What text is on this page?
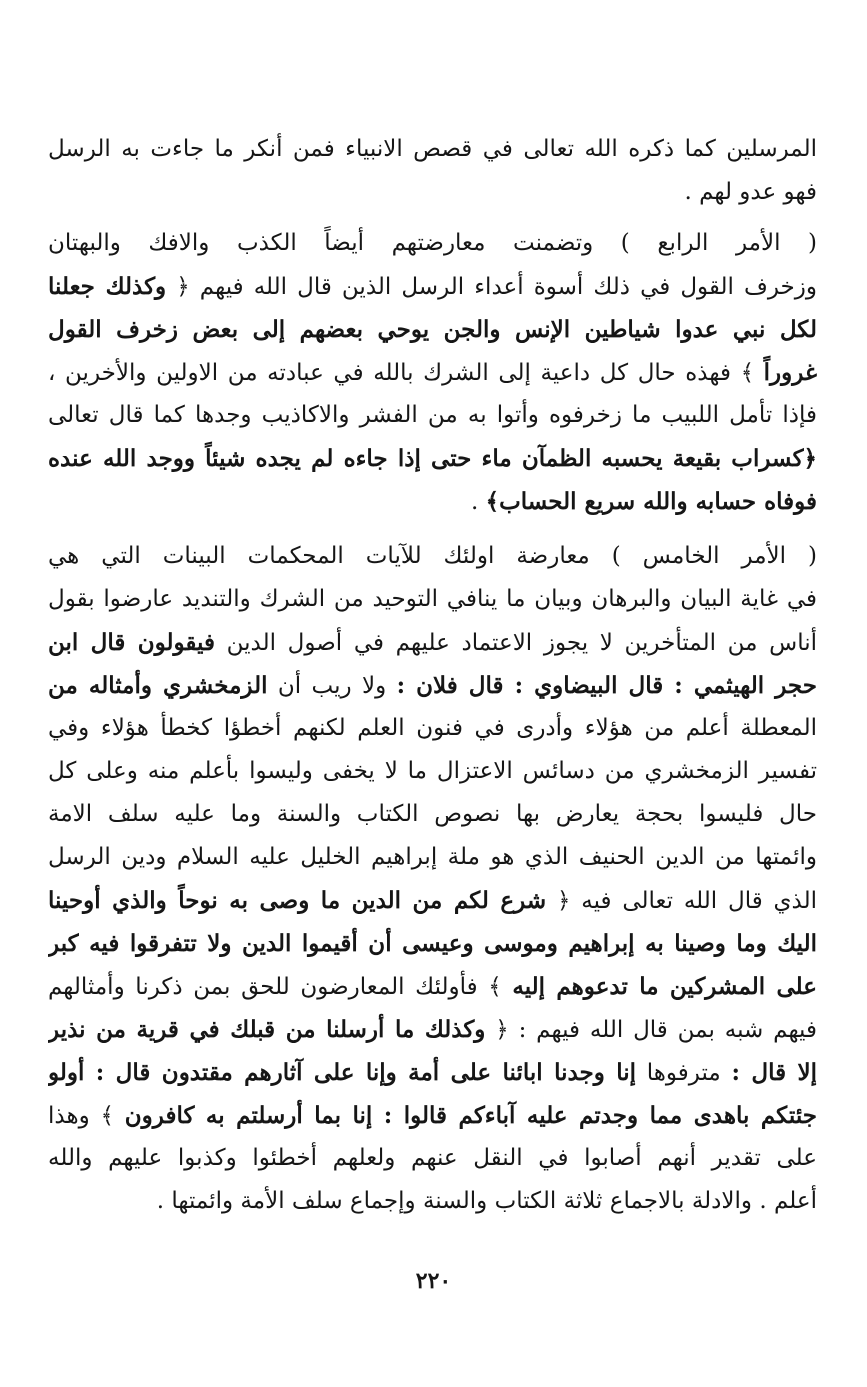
المرسلين كما ذكره الله تعالى في قصص الانبياء فمن أنكر ما جاءت به الرسل
فهو عدو لهم .
( الأمر الرابع ) وتضمنت معارضتهم أيضاً الكذب والافك والبهتان
وزخرف القول في ذلك أسوة أعداء الرسل الذين قال الله فيهم ﴿ وكذلك جعلنا
لكل نبي عدوا شياطين الإنس والجن يوحي بعضهم إلى بعض زخرف القول
غروراً ﴾ فهذه حال كل داعية إلى الشرك بالله في عبادته من الاولين والأخرين ،
فإذا تأمل اللبيب ما زخرفوه وأتوا به من الفشر والاكاذيب وجدها كما قال تعالى
﴿كسراب بقيعة يحسبه الظمآن ماء حتى إذا جاءه لم يجده شيئاً ووجد الله عنده
فوفاه حسابه والله سريع الحساب﴾ .
( الأمر الخامس ) معارضة اولئك للآيات المحكمات البينات التي هي
في غاية البيان والبرهان وبيان ما ينافي التوحيد من الشرك والتنديد عارضوا بقول
أناس من المتأخرين لا يجوز الاعتماد عليهم في أصول الدين فيقولون قال ابن
حجر الهيثمي : قال البيضاوي : قال فلان : ولا ريب أن الزمخشري وأمثاله من
المعطلة أعلم من هؤلاء وأدرى في فنون العلم لكنهم أخطؤا كخطأ هؤلاء وفي
تفسير الزمخشري من دسائس الاعتزال ما لا يخفى وليسوا بأعلم منه وعلى كل
حال فليسوا بحجة يعارض بها نصوص الكتاب والسنة وما عليه سلف الامة
وائمتها من الدين الحنيف الذي هو ملة إبراهيم الخليل عليه السلام ودين الرسل
الذي قال الله تعالى فيه ﴿ شرع لكم من الدين ما وصى به نوحاً والذي أوحينا
اليك وما وصينا به إبراهيم وموسى وعيسى أن أقيموا الدين ولا تتفرقوا فيه كبر
على المشركين ما تدعوهم إليه ﴾ فأولئك المعارضون للحق بمن ذكرنا وأمثالهم
فيهم شبه بمن قال الله فيهم : ﴿ وكذلك ما أرسلنا من قبلك في قرية من نذير
إلا قال : مترفوها إنا وجدنا ابائنا على أمة وإنا على آثارهم مقتدون قال : أولو
جئتكم باهدى مما وجدتم عليه آباءكم قالوا : إنا بما أرسلتم به كافرون ﴾ وهذا
على تقدير أنهم أصابوا في النقل عنهم ولعلهم أخطئوا وكذبوا عليهم والله
أعلم . والادلة بالاجماع ثلاثة الكتاب والسنة وإجماع سلف الأمة وائمتها .
٢٢٠
